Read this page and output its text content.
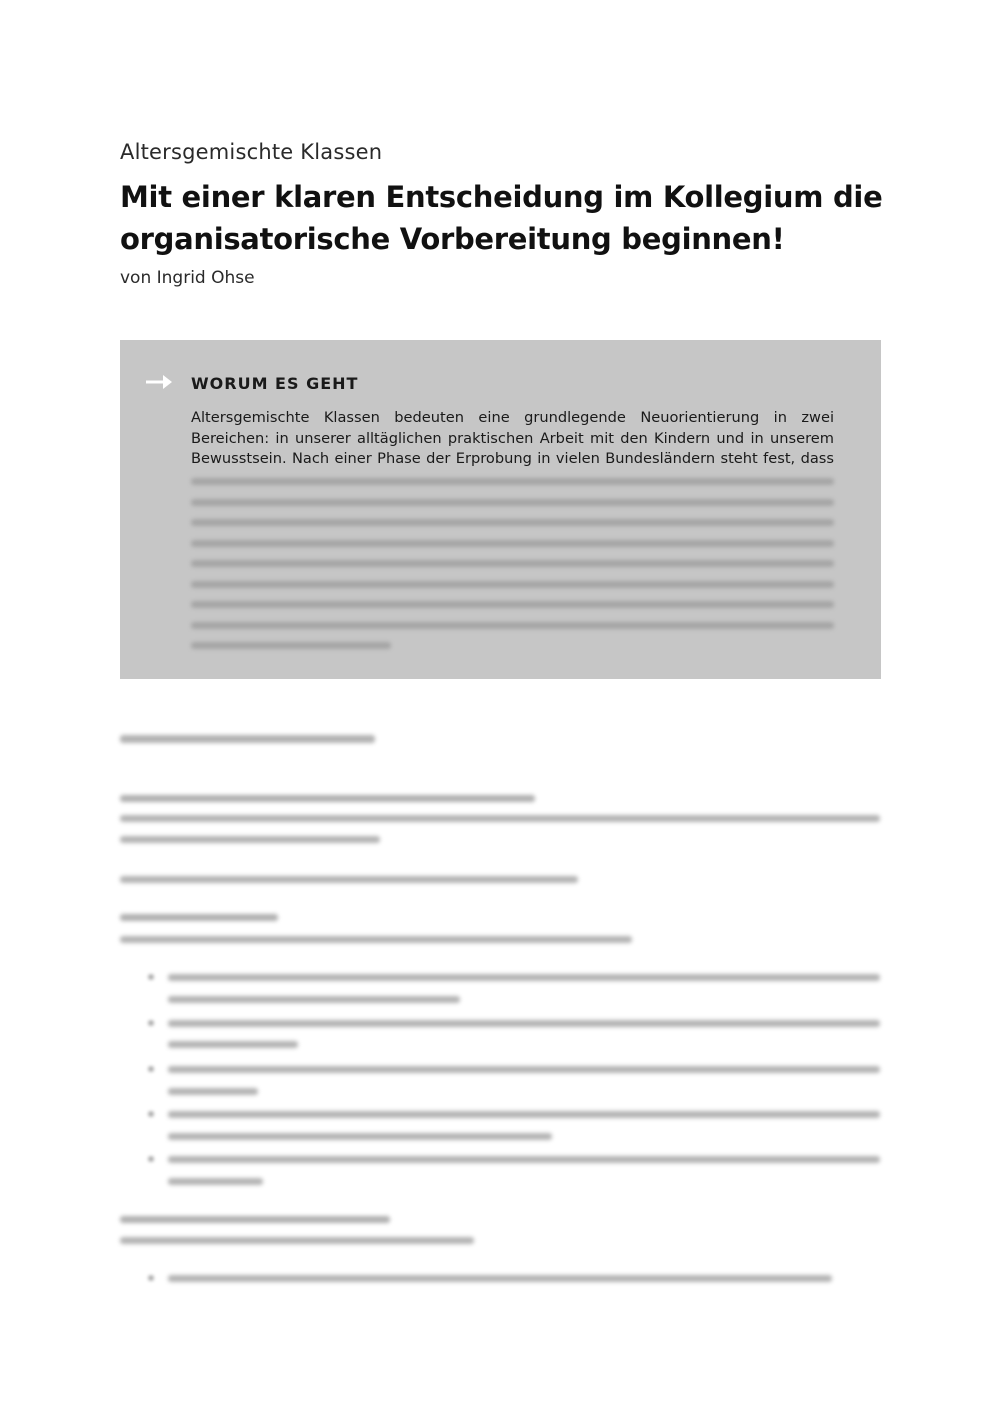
Altersgemischte Klassen
Mit einer klaren Entscheidung im Kollegium die
organisatorische Vorbereitung beginnen!
von Ingrid Ohse
WORUM ES GEHT

Altersgemischte Klassen bedeuten eine grundlegende Neuorientierung in zwei Bereichen: in unserer alltäglichen praktischen Arbeit mit den Kindern und in unserem Bewusstsein. Nach einer Phase der Erprobung in vielen Bundesländern steht fest, dass
